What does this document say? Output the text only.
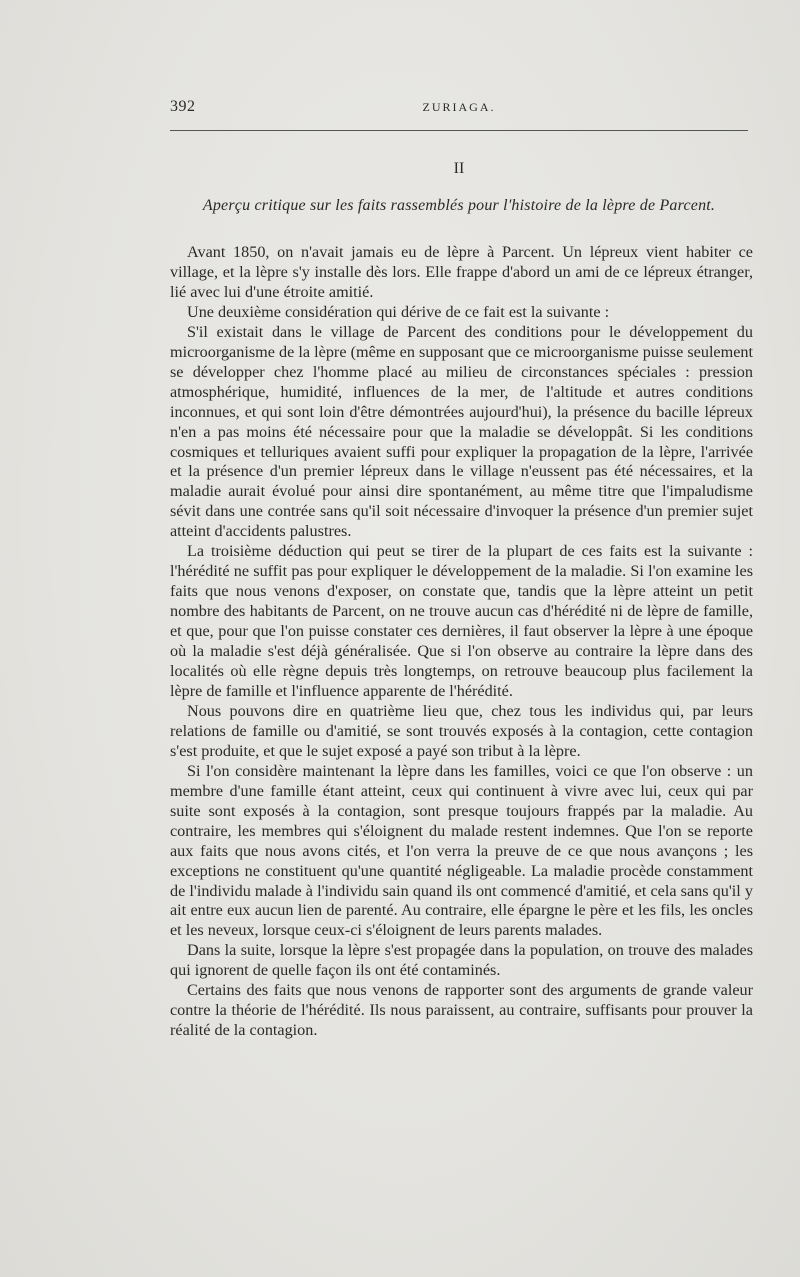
392	ZURIAGA.
II
Aperçu critique sur les faits rassemblés pour l'histoire de la lèpre de Parcent.

Avant 1850, on n'avait jamais eu de lèpre à Parcent. Un lépreux vient habiter ce village, et la lèpre s'y installe dès lors. Elle frappe d'abord un ami de ce lépreux étranger, lié avec lui d'une étroite amitié.

Une deuxième considération qui dérive de ce fait est la suivante :

S'il existait dans le village de Parcent des conditions pour le développement du microorganisme de la lèpre (même en supposant que ce microorganisme puisse seulement se développer chez l'homme placé au milieu de circonstances spéciales : pression atmosphérique, humidité, influences de la mer, de l'altitude et autres conditions inconnues, et qui sont loin d'être démontrées aujourd'hui), la présence du bacille lépreux n'en a pas moins été nécessaire pour que la maladie se développât. Si les conditions cosmiques et telluriques avaient suffi pour expliquer la propagation de la lèpre, l'arrivée et la présence d'un premier lépreux dans le village n'eussent pas été nécessaires, et la maladie aurait évolué pour ainsi dire spontanément, au même titre que l'impaludisme sévit dans une contrée sans qu'il soit nécessaire d'invoquer la présence d'un premier sujet atteint d'accidents palustres.

La troisième déduction qui peut se tirer de la plupart de ces faits est la suivante : l'hérédité ne suffit pas pour expliquer le développement de la maladie. Si l'on examine les faits que nous venons d'exposer, on constate que, tandis que la lèpre atteint un petit nombre des habitants de Parcent, on ne trouve aucun cas d'hérédité ni de lèpre de famille, et que, pour que l'on puisse constater ces dernières, il faut observer la lèpre à une époque où la maladie s'est déjà généralisée. Que si l'on observe au contraire la lèpre dans des localités où elle règne depuis très longtemps, on retrouve beaucoup plus facilement la lèpre de famille et l'influence apparente de l'hérédité.

Nous pouvons dire en quatrième lieu que, chez tous les individus qui, par leurs relations de famille ou d'amitié, se sont trouvés exposés à la contagion, cette contagion s'est produite, et que le sujet exposé a payé son tribut à la lèpre.

Si l'on considère maintenant la lèpre dans les familles, voici ce que l'on observe : un membre d'une famille étant atteint, ceux qui continuent à vivre avec lui, ceux qui par suite sont exposés à la contagion, sont presque toujours frappés par la maladie. Au contraire, les membres qui s'éloignent du malade restent indemnes. Que l'on se reporte aux faits que nous avons cités, et l'on verra la preuve de ce que nous avançons ; les exceptions ne constituent qu'une quantité négligeable. La maladie procède constamment de l'individu malade à l'individu sain quand ils ont commencé d'amitié, et cela sans qu'il y ait entre eux aucun lien de parenté. Au contraire, elle épargne le père et les fils, les oncles et les neveux, lorsque ceux-ci s'éloignent de leurs parents malades.

Dans la suite, lorsque la lèpre s'est propagée dans la population, on trouve des malades qui ignorent de quelle façon ils ont été contaminés.

Certains des faits que nous venons de rapporter sont des arguments de grande valeur contre la théorie de l'hérédité. Ils nous paraissent, au contraire, suffisants pour prouver la réalité de la contagion.
